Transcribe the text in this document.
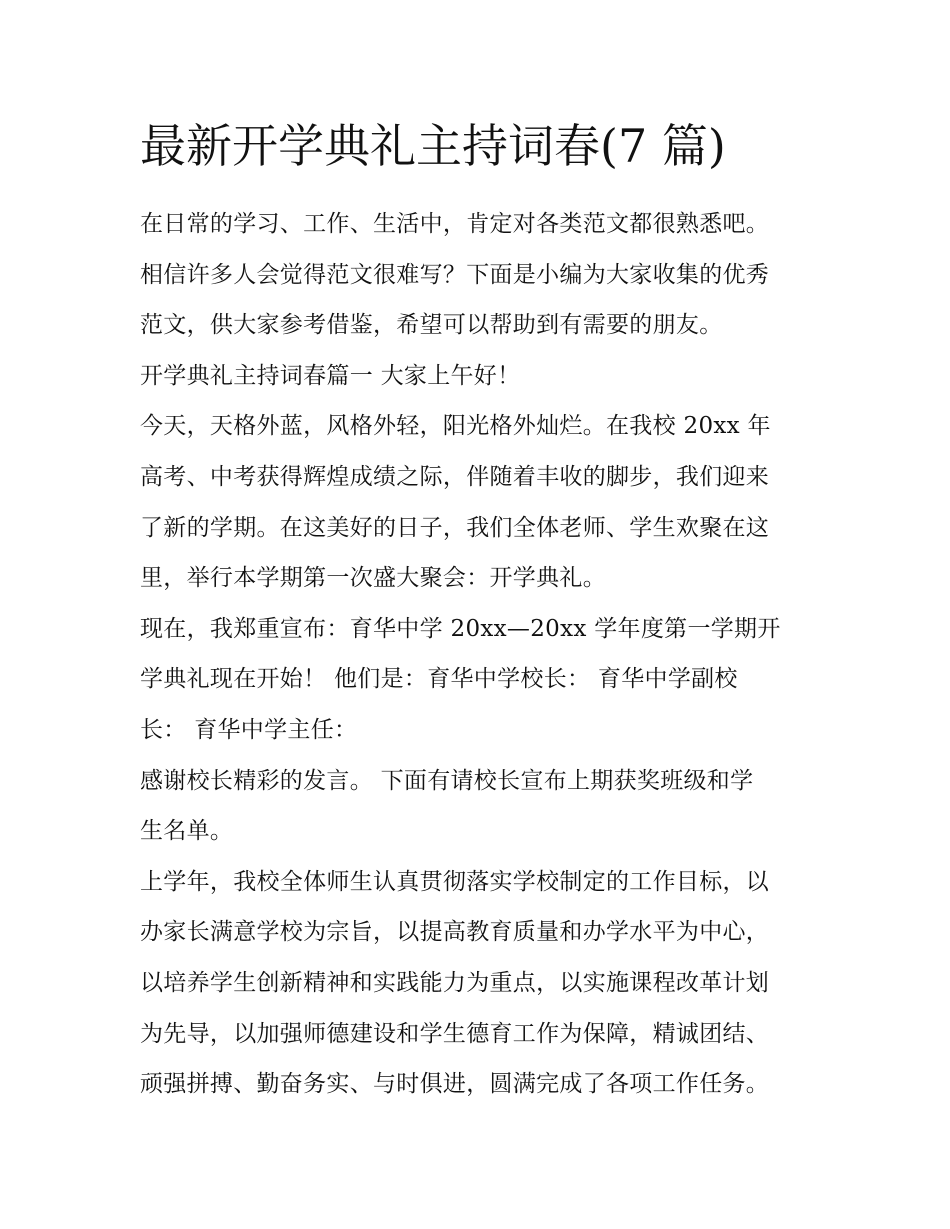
最新开学典礼主持词春(7 篇)
在日常的学习、工作、生活中，肯定对各类范文都很熟悉吧。
相信许多人会觉得范文很难写？下面是小编为大家收集的优秀
范文，供大家参考借鉴，希望可以帮助到有需要的朋友。
开学典礼主持词春篇一 大家上午好！
今天，天格外蓝，风格外轻，阳光格外灿烂。在我校 20xx 年
高考、中考获得辉煌成绩之际，伴随着丰收的脚步，我们迎来
了新的学期。在这美好的日子，我们全体老师、学生欢聚在这
里，举行本学期第一次盛大聚会：开学典礼。
现在，我郑重宣布：育华中学 20xx—20xx 学年度第一学期开
学典礼现在开始！ 他们是：育华中学校长： 育华中学副校
长： 育华中学主任：
感谢校长精彩的发言。 下面有请校长宣布上期获奖班级和学
生名单。
上学年，我校全体师生认真贯彻落实学校制定的工作目标，以
办家长满意学校为宗旨，以提高教育质量和办学水平为中心，
以培养学生创新精神和实践能力为重点，以实施课程改革计划
为先导，以加强师德建设和学生德育工作为保障，精诚团结、
顽强拼搏、勤奋务实、与时俱进，圆满完成了各项工作任务。
